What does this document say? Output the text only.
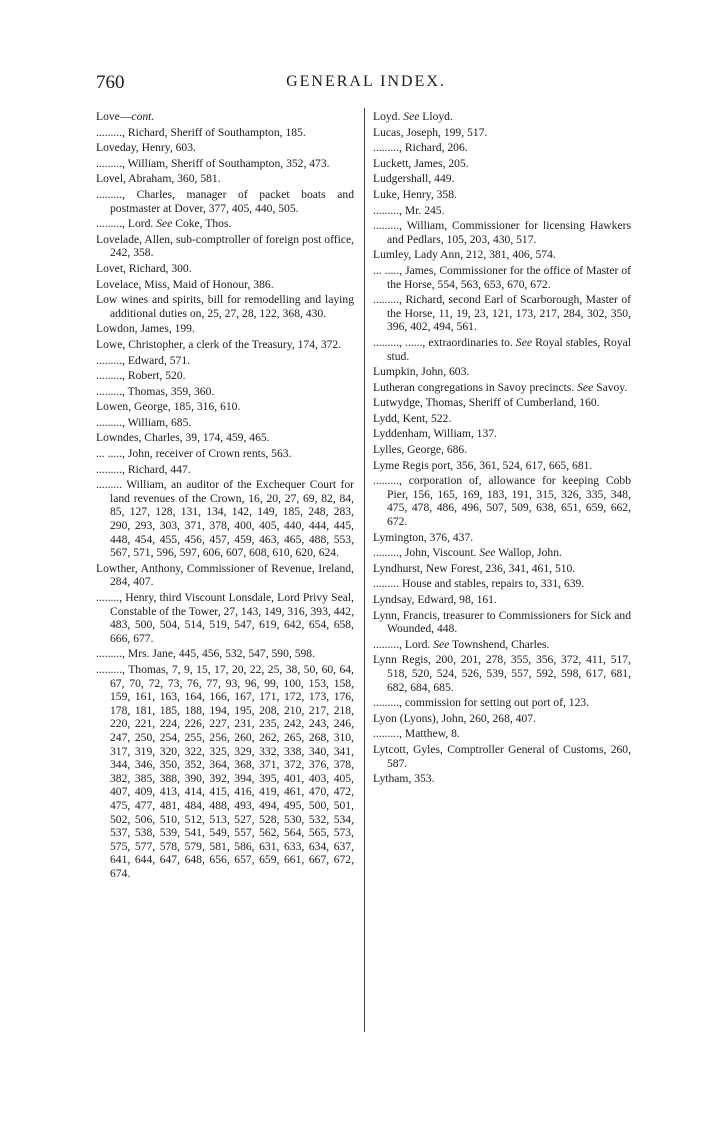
760	GENERAL INDEX.
Love—cont.
........., Richard, Sheriff of Southampton, 185.
Loveday, Henry, 603.
........., William, Sheriff of Southampton, 352, 473.
Lovel, Abraham, 360, 581.
........., Charles, manager of packet boats and postmaster at Dover, 377, 405, 440, 505.
........., Lord. See Coke, Thos.
Lovelade, Allen, sub-comptroller of foreign post office, 242, 358.
Lovet, Richard, 300.
Lovelace, Miss, Maid of Honour, 386.
Low wines and spirits, bill for remodelling and laying additional duties on, 25, 27, 28, 122, 368, 430.
Lowdon, James, 199.
Lowe, Christopher, a clerk of the Treasury, 174, 372.
........., Edward, 571.
........., Robert, 520.
........., Thomas, 359, 360.
Lowen, George, 185, 316, 610.
........., William, 685.
Lowndes, Charles, 39, 174, 459, 465.
... ....., John, receiver of Crown rents, 563.
........., Richard, 447.
......... William, an auditor of the Exchequer Court for land revenues of the Crown, 16, 20, 27, 69, 82, 84, 85, 127, 128, 131, 134, 142, 149, 185, 248, 283, 290, 293, 303, 371, 378, 400, 405, 440, 444, 445, 448, 454, 455, 456, 457, 459, 463, 465, 488, 553, 567, 571, 596, 597, 606, 607, 608, 610, 620, 624.
Lowther, Anthony, Commissioner of Revenue, Ireland, 284, 407.
........, Henry, third Viscount Lonsdale, Lord Privy Seal, Constable of the Tower, 27, 143, 149, 316, 393, 442, 483, 500, 504, 514, 519, 547, 619, 642, 654, 658, 666, 677.
........., Mrs. Jane, 445, 456, 532, 547, 590, 598.
........., Thomas, 7, 9, 15, 17, 20, 22, 25, 38, 50, 60, 64, 67, 70, 72, 73, 76, 77, 93, 96, 99, 100, 153, 158, 159, 161, 163, 164, 166, 167, 171, 172, 173, 176, 178, 181, 185, 188, 194, 195, 208, 210, 217, 218, 220, 221, 224, 226, 227, 231, 235, 242, 243, 246, 247, 250, 254, 255, 256, 260, 262, 265, 268, 310, 317, 319, 320, 322, 325, 329, 332, 338, 340, 341, 344, 346, 350, 352, 364, 368, 371, 372, 376, 378, 382, 385, 388, 390, 392, 394, 395, 401, 403, 405, 407, 409, 413, 414, 415, 416, 419, 461, 470, 472, 475, 477, 481, 484, 488, 493, 494, 495, 500, 501, 502, 506, 510, 512, 513, 527, 528, 530, 532, 534, 537, 538, 539, 541, 549, 557, 562, 564, 565, 573, 575, 577, 578, 579, 581, 586, 631, 633, 634, 637, 641, 644, 647, 648, 656, 657, 659, 661, 667, 672, 674.
Loyd. See Lloyd.
Lucas, Joseph, 199, 517.
........., Richard, 206.
Luckett, James, 205.
Ludgershall, 449.
Luke, Henry, 358.
........., Mr. 245.
........., William, Commissioner for licensing Hawkers and Pedlars, 105, 203, 430, 517.
Lumley, Lady Ann, 212, 381, 406, 574.
... ....., James, Commissioner for the office of Master of the Horse, 554, 563, 653, 670, 672.
........., Richard, second Earl of Scarborough, Master of the Horse, 11, 19, 23, 121, 173, 217, 284, 302, 350, 396, 402, 494, 561.
........., ......, extraordinaries to. See Royal stables, Royal stud.
Lumpkin, John, 603.
Lutheran congregations in Savoy precincts. See Savoy.
Lutwydge, Thomas, Sheriff of Cumberland, 160.
Lydd, Kent, 522.
Lyddenham, William, 137.
Lylles, George, 686.
Lyme Regis port, 356, 361, 524, 617, 665, 681.
........., corporation of, allowance for keeping Cobb Pier, 156, 165, 169, 183, 191, 315, 326, 335, 348, 475, 478, 486, 496, 507, 509, 638, 651, 659, 662, 672.
Lymington, 376, 437.
........., John, Viscount. See Wallop, John.
Lyndhurst, New Forest, 236, 341, 461, 510.
......... House and stables, repairs to, 331, 639.
Lyndsay, Edward, 98, 161.
Lynn, Francis, treasurer to Commissioners for Sick and Wounded, 448.
........., Lord. See Townshend, Charles.
Lynn Regis, 200, 201, 278, 355, 356, 372, 411, 517, 518, 520, 524, 526, 539, 557, 592, 598, 617, 681, 682, 684, 685.
........., commission for setting out port of, 123.
Lyon (Lyons), John, 260, 268, 407.
........., Matthew, 8.
Lytcott, Gyles, Comptroller General of Customs, 260, 587.
Lytham, 353.
